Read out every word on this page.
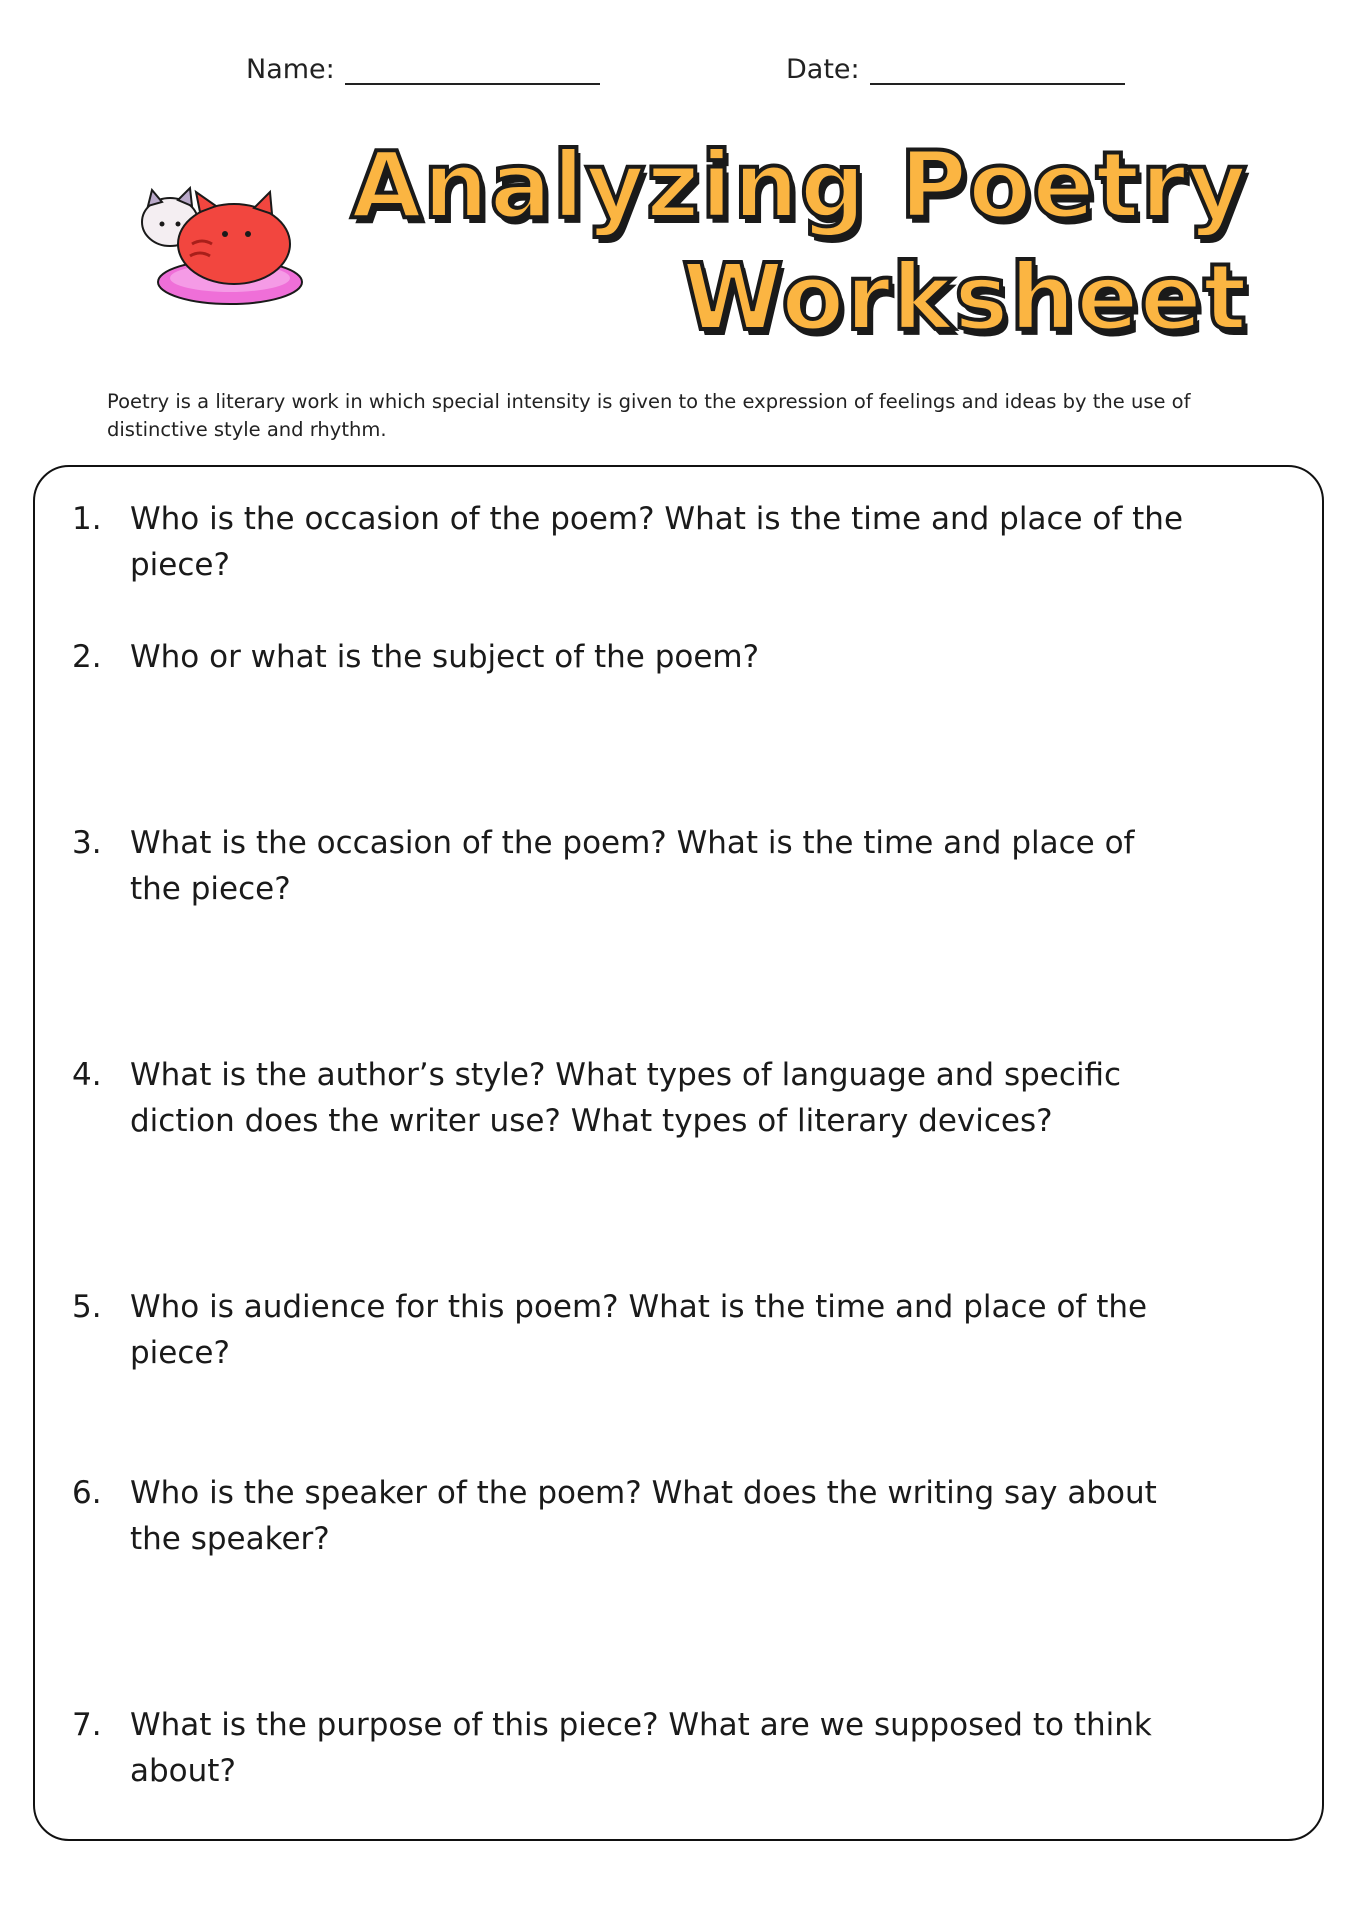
Name:	Date:
Analyzing Poetry
Worksheet
Poetry is a literary work in which special intensity is given to the expression of feelings and ideas by the use of distinctive style and rhythm.
1. Who is the occasion of the poem? What is the time and place of the piece?
2. Who or what is the subject of the poem?
3. What is the occasion of the poem? What is the time and place of the piece?
4. What is the author’s style? What types of language and specific diction does the writer use? What types of literary devices?
5. Who is audience for this poem? What is the time and place of the piece?
6. Who is the speaker of the poem? What does the writing say about the speaker?
7. What is the purpose of this piece? What are we supposed to think about?
